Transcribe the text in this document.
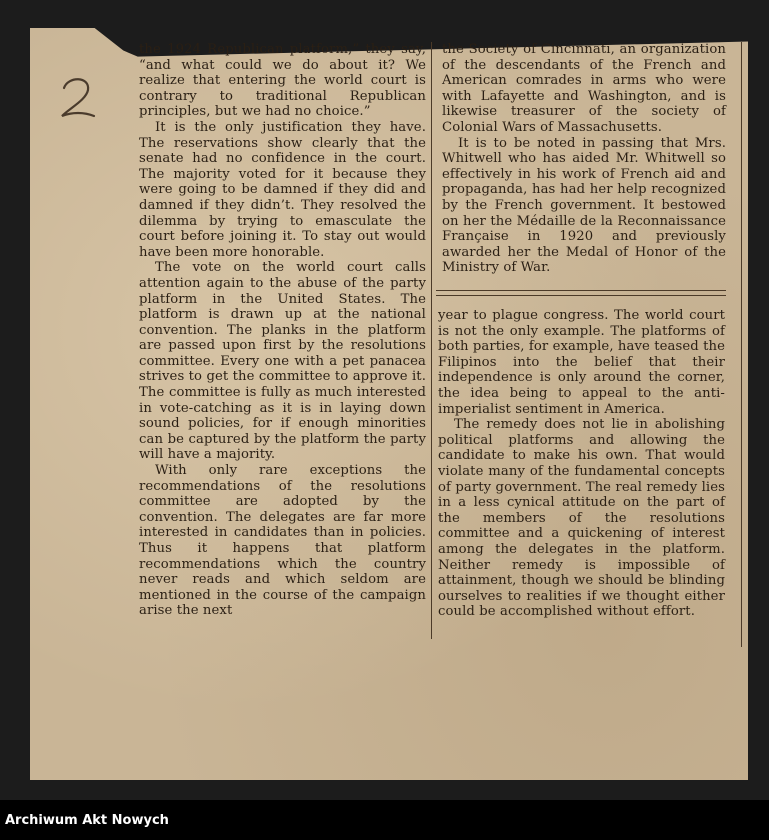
the 1924 Republican platform,” they say, “and what could we do about it? We realize that entering the world court is contrary to traditional Republican principles, but we had no choice.”

It is the only justification they have. The reservations show clearly that the senate had no confidence in the court. The majority voted for it because they were going to be damned if they did and damned if they didn’t. They resolved the dilemma by trying to emasculate the court before joining it. To stay out would have been more honorable.

The vote on the world court calls attention again to the abuse of the party platform in the United States. The platform is drawn up at the national convention. The planks in the platform are passed upon first by the resolutions committee. Every one with a pet panacea strives to get the committee to approve it. The committee is fully as much interested in vote-catching as it is in laying down sound policies, for if enough minorities can be captured by the platform the party will have a majority.

With only rare exceptions the recommendations of the resolutions committee are adopted by the convention. The delegates are far more interested in candidates than in policies. Thus it happens that platform recommendations which the country never reads and which seldom are mentioned in the course of the campaign arise the next

the Society of Cincinnati, an organization of the descendants of the French and American comrades in arms who were with Lafayette and Washington, and is likewise treasurer of the society of Colonial Wars of Massachusetts.

It is to be noted in passing that Mrs. Whitwell who has aided Mr. Whitwell so effectively in his work of French aid and propaganda, has had her help recognized by the French government. It bestowed on her the Médaille de la Reconnaissance Française in 1920 and previously awarded her the Medal of Honor of the Ministry of War.

year to plague congress. The world court is not the only example. The platforms of both parties, for example, have teased the Filipinos into the belief that their independence is only around the corner, the idea being to appeal to the anti-imperialist sentiment in America.

The remedy does not lie in abolishing political platforms and allowing the candidate to make his own. That would violate many of the fundamental concepts of party government. The real remedy lies in a less cynical attitude on the part of the members of the resolutions committee and a quickening of interest among the delegates in the platform. Neither remedy is impossible of attainment, though we should be blinding ourselves to realities if we thought either could be accomplished without effort.

Archiwum Akt Nowych
